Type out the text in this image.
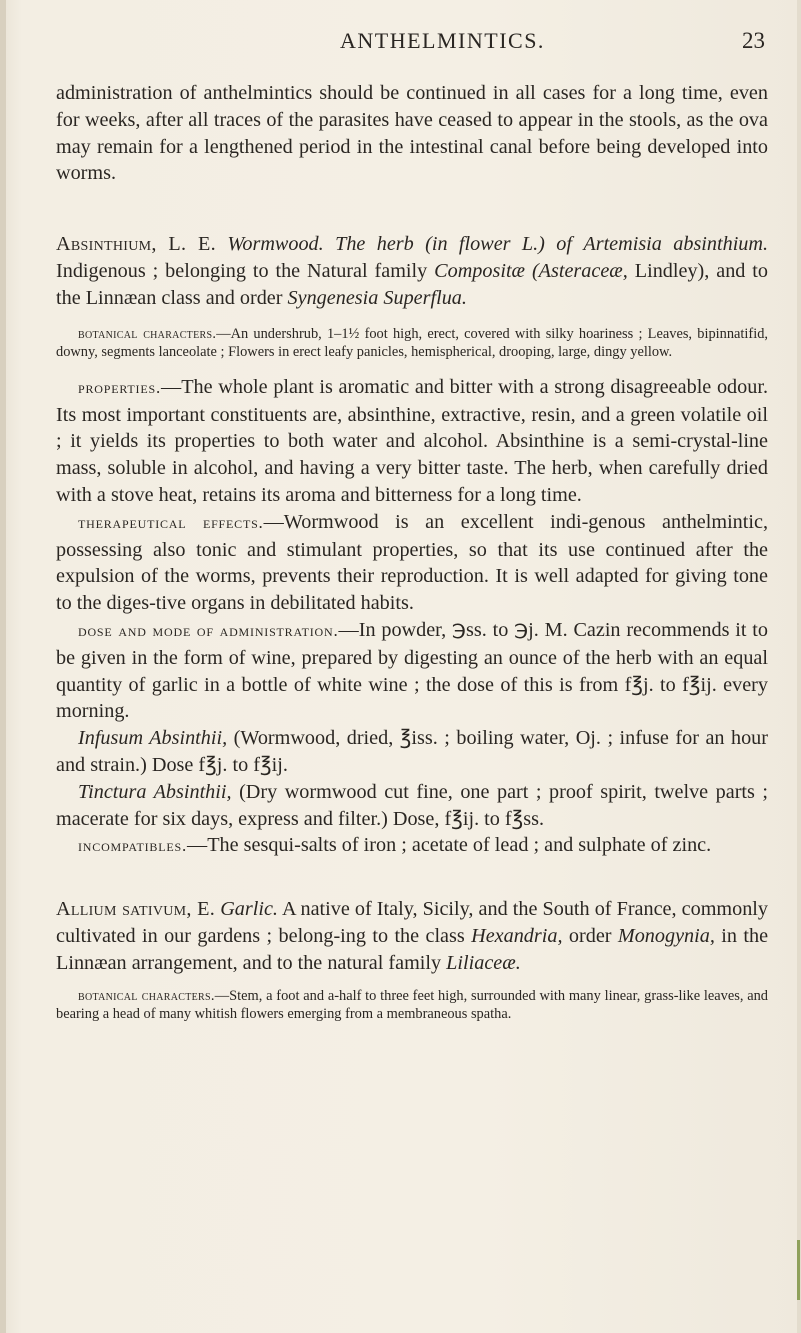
ANTHELMINTICS.	23

administration of anthelmintics should be continued in all cases for a long time, even for weeks, after all traces of the parasites have ceased to appear in the stools, as the ova may remain for a lengthened period in the intestinal canal before being developed into worms.

Absinthium, L. E. Wormwood. The herb (in flower L.) of Artemisia absinthium. Indigenous ; belonging to the Natural family Compositæ (Asteraceæ, Lindley), and to the Linnæan class and order Syngenesia Superflua.

botanical characters.—An undershrub, 1–1½ foot high, erect, covered with silky hoariness ; Leaves, bipinnatifid, downy, segments lanceolate ; Flowers in erect leafy panicles, hemispherical, drooping, large, dingy yellow.

properties.—The whole plant is aromatic and bitter with a strong disagreeable odour. Its most important constituents are, absinthine, extractive, resin, and a green volatile oil ; it yields its properties to both water and alcohol. Absinthine is a semi-crystal-line mass, soluble in alcohol, and having a very bitter taste. The herb, when carefully dried with a stove heat, retains its aroma and bitterness for a long time.

therapeutical effects.—Wormwood is an excellent indi-genous anthelmintic, possessing also tonic and stimulant properties, so that its use continued after the expulsion of the worms, prevents their reproduction. It is well adapted for giving tone to the diges-tive organs in debilitated habits.

dose and mode of administration.—In powder, ℈ss. to ℈j. M. Cazin recommends it to be given in the form of wine, prepared by digesting an ounce of the herb with an equal quantity of garlic in a bottle of white wine ; the dose of this is from f℥j. to f℥ij. every morning.

Infusum Absinthii, (Wormwood, dried, ℥iss. ; boiling water, Oj. ; infuse for an hour and strain.) Dose f℥j. to f℥ij.

Tinctura Absinthii, (Dry wormwood cut fine, one part ; proof spirit, twelve parts ; macerate for six days, express and filter.) Dose, f℥ij. to f℥ss.

incompatibles.—The sesqui-salts of iron ; acetate of lead ; and sulphate of zinc.

Allium sativum, E. Garlic. A native of Italy, Sicily, and the South of France, commonly cultivated in our gardens ; belong-ing to the class Hexandria, order Monogynia, in the Linnæan arrangement, and to the natural family Liliaceæ.

botanical characters.—Stem, a foot and a-half to three feet high, surrounded with many linear, grass-like leaves, and bearing a head of many whitish flowers emerging from a membraneous spatha.
